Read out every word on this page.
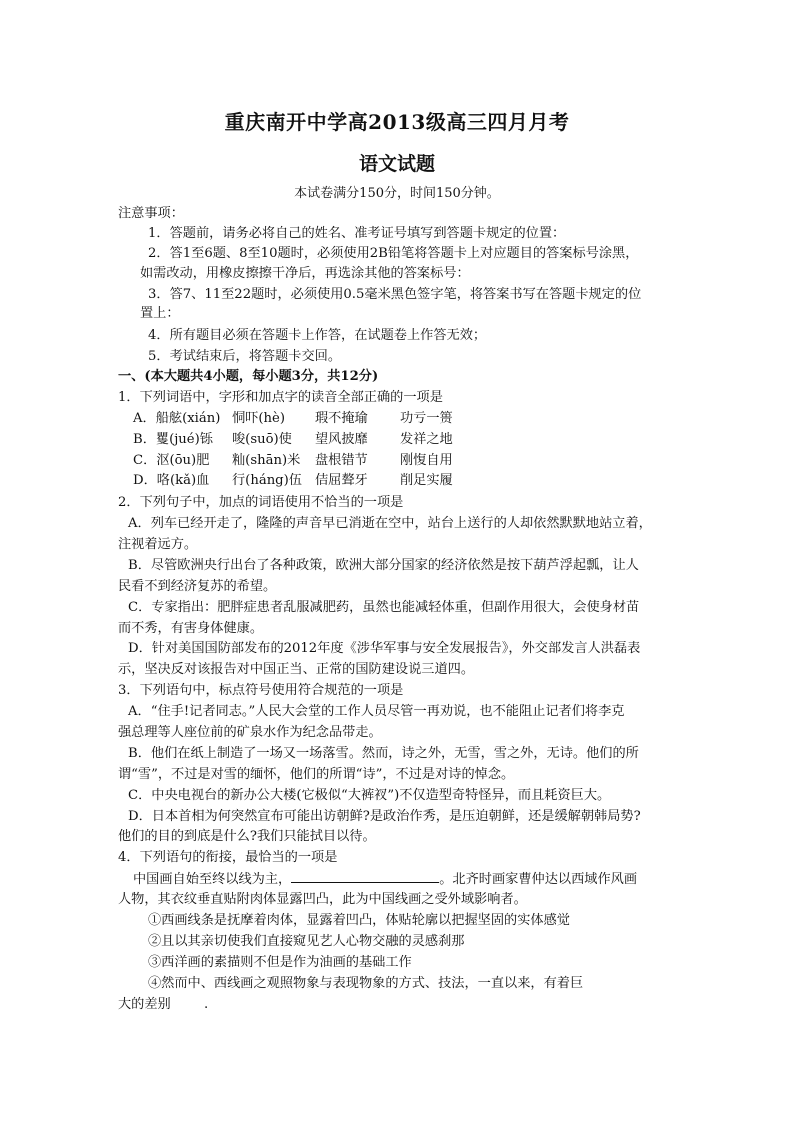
重庆南开中学高2013级高三四月月考
语文试题
本试卷满分150分，时间150分钟。
注意事项：
1．答题前，请务必将自己的姓名、准考证号填写到答题卡规定的位置：
2．答1至6题、8至10题时，必须使用2B铅笔将答题卡上对应题目的答案标号涂黑，
如需改动，用橡皮擦擦干净后，再选涂其他的答案标号：
3．答7、11至22题时，必须使用0.5毫米黑色签字笔，将答案书写在答题卡规定的位
置上：
4．所有题目必须在答题卡上作答，在试题卷上作答无效；
5．考试结束后，将答题卡交回。
一、(本大题共4小题，每小题3分，共12分)
1．下列词语中，字形和加点字的读音全部正确的一项是
A．船舷(xián) 恫吓(hè) 瑕不掩瑜 功亏一篑
B．矍(jué)铄 唆(suō)使 望风披靡 发祥之地
C．沤(ōu)肥 籼(shān)米 盘根错节 刚愎自用
D．咯(kǎ)血 行(háng)伍 佶屈聱牙 削足实履
2．下列句子中，加点的词语使用不恰当的一项是
A．列车已经开走了，隆隆的声音早已消逝在空中，站台上送行的人却依然默默地站立着，
注视着远方。
B．尽管欧洲央行出台了各种政策，欧洲大部分国家的经济依然是按下葫芦浮起瓢，让人
民看不到经济复苏的希望。
C．专家指出：肥胖症患者乱服减肥药，虽然也能减轻体重，但副作用很大，会使身材苗
而不秀，有害身体健康。
D．针对美国国防部发布的2012年度《涉华军事与安全发展报告》，外交部发言人洪磊表
示，坚决反对该报告对中国正当、正常的国防建设说三道四。
3．下列语句中，标点符号使用符合规范的一项是
A．“住手!记者同志。”人民大会堂的工作人员尽管一再劝说，也不能阻止记者们将李克
强总理等人座位前的矿泉水作为纪念品带走。
B．他们在纸上制造了一场又一场落雪。然而，诗之外，无雪，雪之外，无诗。他们的所
谓“雪”，不过是对雪的缅怀，他们的所谓“诗”，不过是对诗的悼念。
C．中央电视台的新办公大楼(它极似“大裤衩”)不仅造型奇特怪异，而且耗资巨大。
D．日本首相为何突然宣布可能出访朝鲜?是政治作秀，是压迫朝鲜，还是缓解朝韩局势?
他们的目的到底是什么?我们只能拭目以待。
4．下列语句的衔接，最恰当的一项是
中国画自始至终以线为主，	。北齐时画家曹仲达以西域作风画
人物，其衣纹垂直贴附肉体显露凹凸，此为中国线画之受外域影响者。
①西画线条是抚摩着肉体，显露着凹凸，体贴轮廓以把握坚固的实体感觉
②且以其亲切使我们直接窥见艺人心物交融的灵感刹那
③西洋画的素描则不但是作为油画的基础工作
④然而中、西线画之观照物象与表现物象的方式、技法，一直以来，有着巨
大的差别	.
